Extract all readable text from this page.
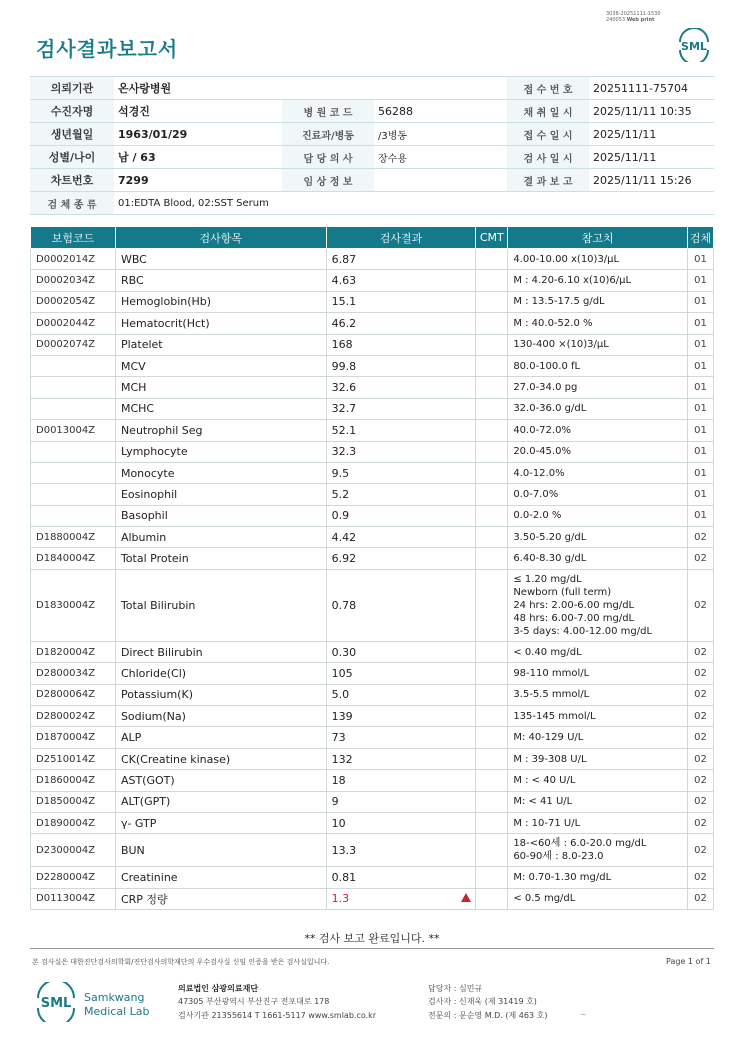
3038-20251111-1530
240053 Web print
검사결과보고서	SML
의뢰기관	온사랑병원			접 수 번 호	20251111-75704
수진자명	석경진	병 원 코 드	56288	채 취 일 시	2025/11/11 10:35
생년월일	1963/01/29	진료과/병동	/3병동	접 수 일 시	2025/11/11
성별/나이	남 / 63	담 당 의 사	장수용	검 사 일 시	2025/11/11
차트번호	7299	임 상 정 보		결 과 보 고	2025/11/11 15:26
검 체 종 류	01:EDTA Blood, 02:SST Serum				
보험코드	검사항목	검사결과	CMT	참고치	검체
D0002014Z	WBC	6.87		4.00-10.00 x(10)3/µL	01
D0002034Z	RBC	4.63		M : 4.20-6.10 x(10)6/µL	01
D0002054Z	Hemoglobin(Hb)	15.1		M : 13.5-17.5 g/dL	01
D0002044Z	Hematocrit(Hct)	46.2		M : 40.0-52.0 %	01
D0002074Z	Platelet	168		130-400 ×(10)3/µL	01
	MCV	99.8		80.0-100.0 fL	01
	MCH	32.6		27.0-34.0 pg	01
	MCHC	32.7		32.0-36.0 g/dL	01
D0013004Z	Neutrophil Seg	52.1		40.0-72.0%	01
	Lymphocyte	32.3		20.0-45.0%	01
	Monocyte	9.5		4.0-12.0%	01
	Eosinophil	5.2		0.0-7.0%	01
	Basophil	0.9		0.0-2.0 %	01
D1880004Z	Albumin	4.42		3.50-5.20 g/dL	02
D1840004Z	Total Protein	6.92		6.40-8.30 g/dL	02
D1830004Z	Total Bilirubin	0.78		≤ 1.20 mg/dL
Newborn (full term)
24 hrs: 2.00-6.00 mg/dL
48 hrs: 6.00-7.00 mg/dL
3-5 days: 4.00-12.00 mg/dL	02
D1820004Z	Direct Bilirubin	0.30		< 0.40 mg/dL	02
D2800034Z	Chloride(Cl)	105		98-110 mmol/L	02
D2800064Z	Potassium(K)	5.0		3.5-5.5 mmol/L	02
D2800024Z	Sodium(Na)	139		135-145 mmol/L	02
D1870004Z	ALP	73		M: 40-129 U/L	02
D2510014Z	CK(Creatine kinase)	132		M : 39-308 U/L	02
D1860004Z	AST(GOT)	18		M : < 40 U/L	02
D1850004Z	ALT(GPT)	9		M: < 41 U/L	02
D1890004Z	γ- GTP	10		M : 10-71 U/L	02
D2300004Z	BUN	13.3		18-<60세 : 6.0-20.0 mg/dL
60-90세 : 8.0-23.0	02
D2280004Z	Creatinine	0.81		M: 0.70-1.30 mg/dL	02
D0113004Z	CRP 정량	1.3		< 0.5 mg/dL	02
** 검사 보고 완료입니다. **
본 검사실은 대한진단검사의학회/진단검사의학재단의 우수검사실 신임 인증을 받은 검사실입니다.	Page 1 of 1
SML Samkwang
Medical Lab
의료법인 삼광의료재단
47305 부산광역시 부산진구 전포대로 178
검사기관 21355614 T 1661-5117 www.smlab.co.kr
담당자 : 심민규
검사자 : 신재욱 (제 31419 호)
전문의 : 문순영 M.D. (제 463 호)	~
